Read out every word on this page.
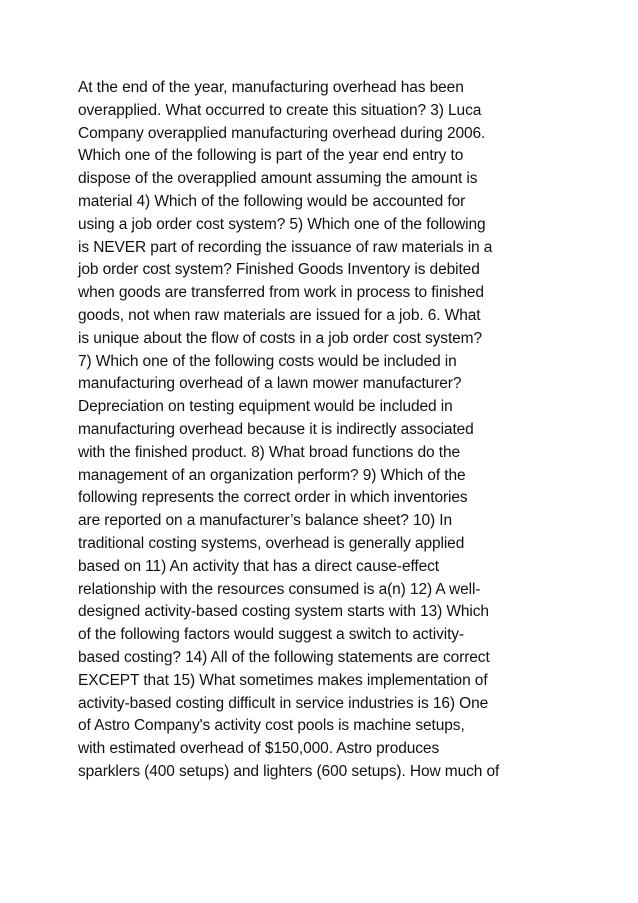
At the end of the year, manufacturing overhead has been
overapplied. What occurred to create this situation? 3) Luca
Company overapplied manufacturing overhead during 2006.
Which one of the following is part of the year end entry to
dispose of the overapplied amount assuming the amount is
material 4) Which of the following would be accounted for
using a job order cost system? 5) Which one of the following
is NEVER part of recording the issuance of raw materials in a
job order cost system? Finished Goods Inventory is debited
when goods are transferred from work in process to finished
goods, not when raw materials are issued for a job. 6. What
is unique about the flow of costs in a job order cost system?
7) Which one of the following costs would be included in
manufacturing overhead of a lawn mower manufacturer?
Depreciation on testing equipment would be included in
manufacturing overhead because it is indirectly associated
with the finished product. 8) What broad functions do the
management of an organization perform? 9) Which of the
following represents the correct order in which inventories
are reported on a manufacturer’s balance sheet? 10) In
traditional costing systems, overhead is generally applied
based on 11) An activity that has a direct cause-effect
relationship with the resources consumed is a(n) 12) A well-
designed activity-based costing system starts with 13) Which
of the following factors would suggest a switch to activity-
based costing? 14) All of the following statements are correct
EXCEPT that 15) What sometimes makes implementation of
activity-based costing difficult in service industries is 16) One
of Astro Company's activity cost pools is machine setups,
with estimated overhead of $150,000. Astro produces
sparklers (400 setups) and lighters (600 setups). How much of
